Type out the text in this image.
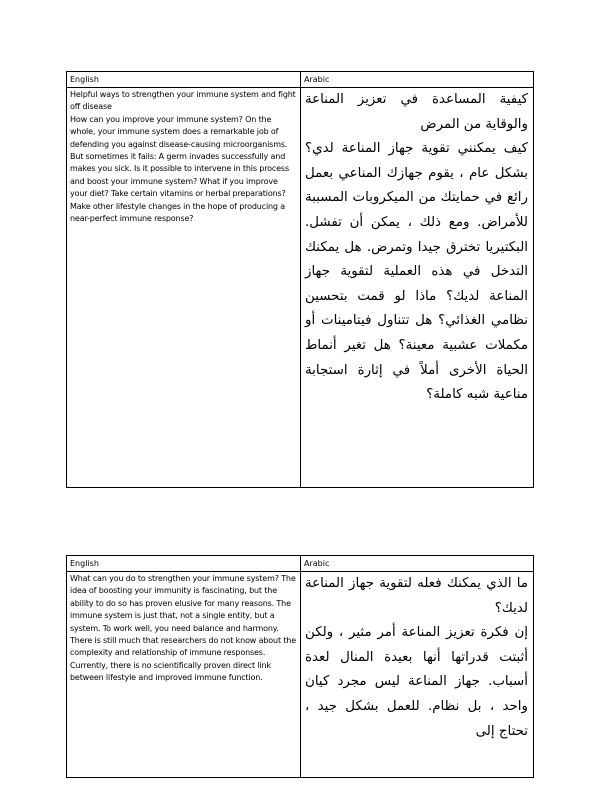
English	Arabic

Helpful ways to strengthen your immune system and fight off disease

How can you improve your immune system? On the whole, your immune system does a remarkable job of defending you against disease-causing microorganisms. But sometimes it fails: A germ invades successfully and makes you sick. Is it possible to intervene in this process and boost your immune system? What if you improve your diet? Take certain vitamins or herbal preparations? Make other lifestyle changes in the hope of producing a near-perfect immune response?

كيفية المساعدة في تعزيز المناعة والوقاية من المرض

كيف يمكنني تقوية جهاز المناعة لدي؟ بشكل عام ، يقوم جهازك المناعي بعمل رائع في حمايتك من الميكروبات المسببة للأمراض. ومع ذلك ، يمكن أن تفشل. البكتيريا تخترق جيدا وتمرض. هل يمكنك التدخل في هذه العملية لتقوية جهاز المناعة لديك؟ ماذا لو قمت بتحسين نظامي الغذائي؟ هل تتناول فيتامينات أو مكملات عشبية معينة؟ هل تغير أنماط الحياة الأخرى أملاً في إثارة استجابة مناعية شبه كاملة؟

English	Arabic

What can you do to strengthen your immune system? The idea of boosting your immunity is fascinating, but the ability to do so has proven elusive for many reasons. The immune system is just that, not a single entity, but a system. To work well, you need balance and harmony. There is still much that researchers do not know about the complexity and relationship of immune responses. Currently, there is no scientifically proven direct link between lifestyle and improved immune function.

ما الذي يمكنك فعله لتقوية جهاز المناعة لديك؟

إن فكرة تعزيز المناعة أمر مثير ، ولكن أثبتت قدراتها أنها بعيدة المنال لعدة أسباب. جهاز المناعة ليس مجرد كيان واحد ، بل نظام. للعمل بشكل جيد ، تحتاج إلى
